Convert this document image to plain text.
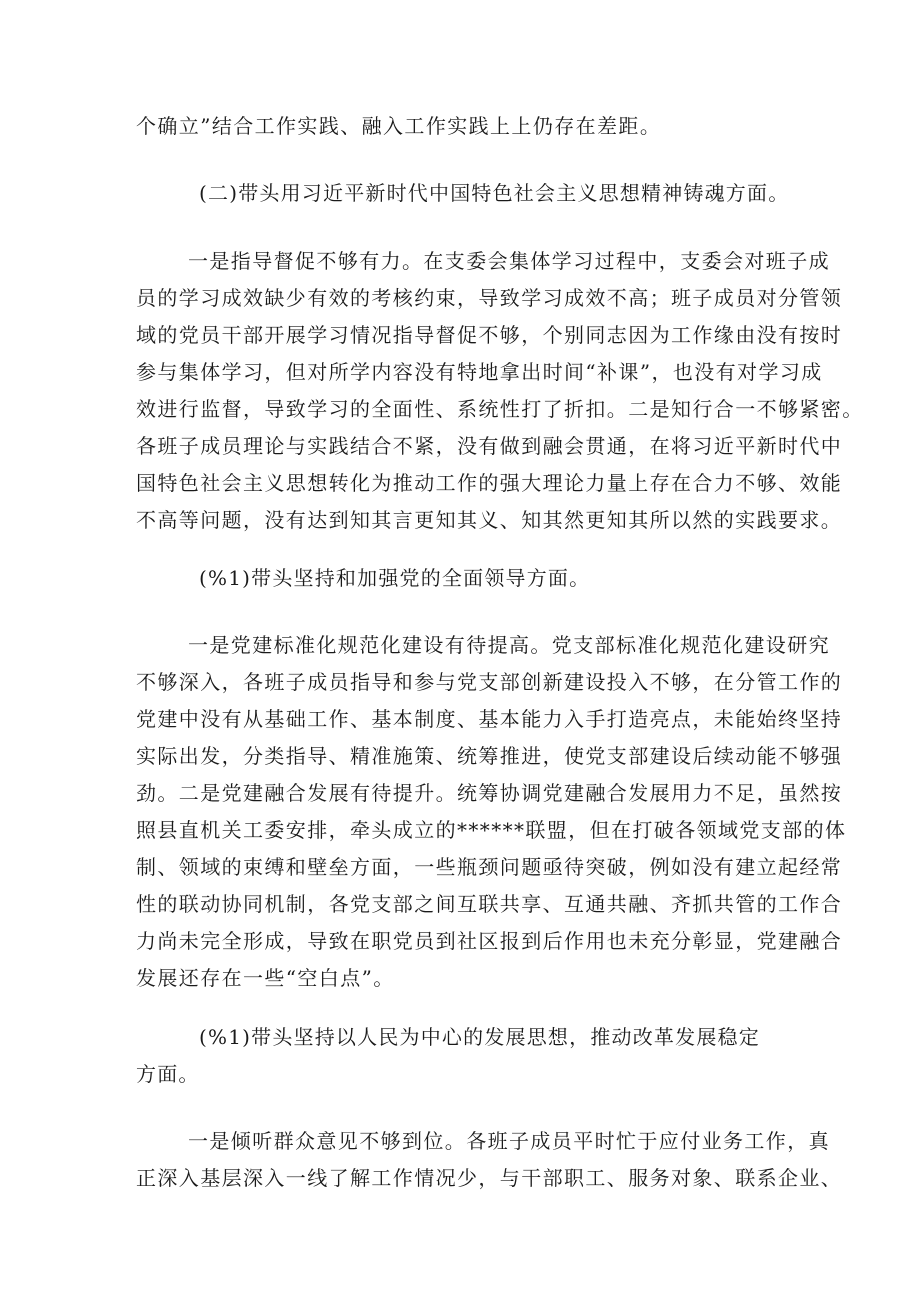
个确立”结合工作实践、融入工作实践上上仍存在差距。
(二)带头用习近平新时代中国特色社会主义思想精神铸魂方面。
一是指导督促不够有力。在支委会集体学习过程中，支委会对班子成
员的学习成效缺少有效的考核约束，导致学习成效不高；班子成员对分管领
域的党员干部开展学习情况指导督促不够，个别同志因为工作缘由没有按时
参与集体学习，但对所学内容没有特地拿出时间“补课”，也没有对学习成
效进行监督，导致学习的全面性、系统性打了折扣。二是知行合一不够紧密。
各班子成员理论与实践结合不紧，没有做到融会贯通，在将习近平新时代中
国特色社会主义思想转化为推动工作的强大理论力量上存在合力不够、效能
不高等问题，没有达到知其言更知其义、知其然更知其所以然的实践要求。
(%1)带头坚持和加强党的全面领导方面。
一是党建标准化规范化建设有待提高。党支部标准化规范化建设研究
不够深入，各班子成员指导和参与党支部创新建设投入不够，在分管工作的
党建中没有从基础工作、基本制度、基本能力入手打造亮点，未能始终坚持
实际出发，分类指导、精准施策、统筹推进，使党支部建设后续动能不够强
劲。二是党建融合发展有待提升。统筹协调党建融合发展用力不足，虽然按
照县直机关工委安排，牵头成立的******联盟，但在打破各领域党支部的体
制、领域的束缚和壁垒方面，一些瓶颈问题亟待突破，例如没有建立起经常
性的联动协同机制，各党支部之间互联共享、互通共融、齐抓共管的工作合
力尚未完全形成，导致在职党员到社区报到后作用也未充分彰显，党建融合
发展还存在一些“空白点”。
(%1)带头坚持以人民为中心的发展思想，推动改革发展稳定
方面。
一是倾听群众意见不够到位。各班子成员平时忙于应付业务工作，真
正深入基层深入一线了解工作情况少，与干部职工、服务对象、联系企业、
